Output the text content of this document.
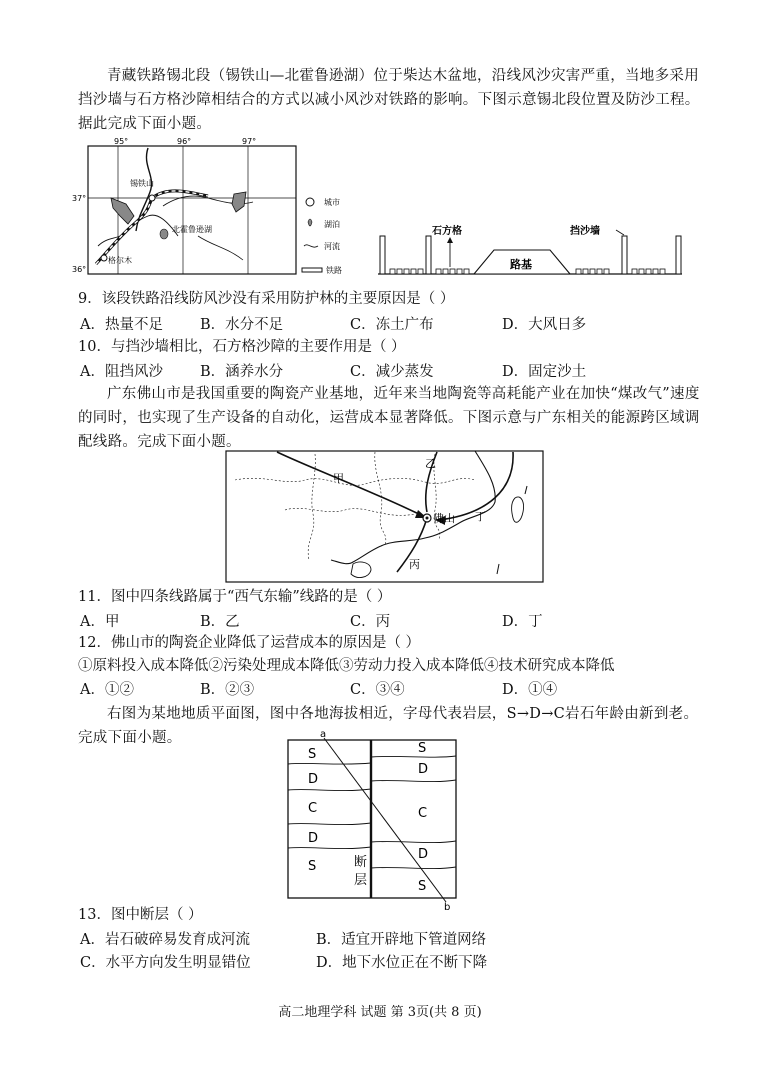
青藏铁路锡北段（锡铁山—北霍鲁逊湖）位于柴达木盆地，沿线风沙灾害严重，当地多采用挡沙墙与石方格沙障相结合的方式以减小风沙对铁路的影响。下图示意锡北段位置及防沙工程。据此完成下面小题。
95°	96°	97°
37°
36°
锡铁山
北霍鲁逊湖
格尔木
城市
湖泊
河流
铁路	路基
石方格	挡沙墙
9．该段铁路沿线防风沙没有采用防护林的主要原因是（ ）
A．热量不足	B．水分不足	C．冻土广布	D．大风日多
10．与挡沙墙相比，石方格沙障的主要作用是（ ）
A．阻挡风沙	B．涵养水分	C．减少蒸发	D．固定沙土
广东佛山市是我国重要的陶瓷产业基地，近年来当地陶瓷等高耗能产业在加快“煤改气”速度的同时，也实现了生产设备的自动化，运营成本显著降低。下图示意与广东相关的能源跨区域调配线路。完成下面小题。
佛山
甲
乙
丙
丁
11．图中四条线路属于“西气东输”线路的是（ ）
A．甲	B．乙	C．丙	D．丁
12．佛山市的陶瓷企业降低了运营成本的原因是（ ）
①原料投入成本降低②污染处理成本降低③劳动力投入成本降低④技术研究成本降低
A．①②	B．②③	C．③④	D．①④
右图为某地地质平面图，图中各地海拔相近，字母代表岩层，S→D→C岩石年龄由新到老。完成下面小题。	a
b
S
D
C
D
S
S
D
C
D
S
断
层
13．图中断层（ ）
A．岩石破碎易发育成河流	B．适宜开辟地下管道网络
C．水平方向发生明显错位	D．地下水位正在不断下降
高二地理学科 试题 第 3页(共 8 页)
